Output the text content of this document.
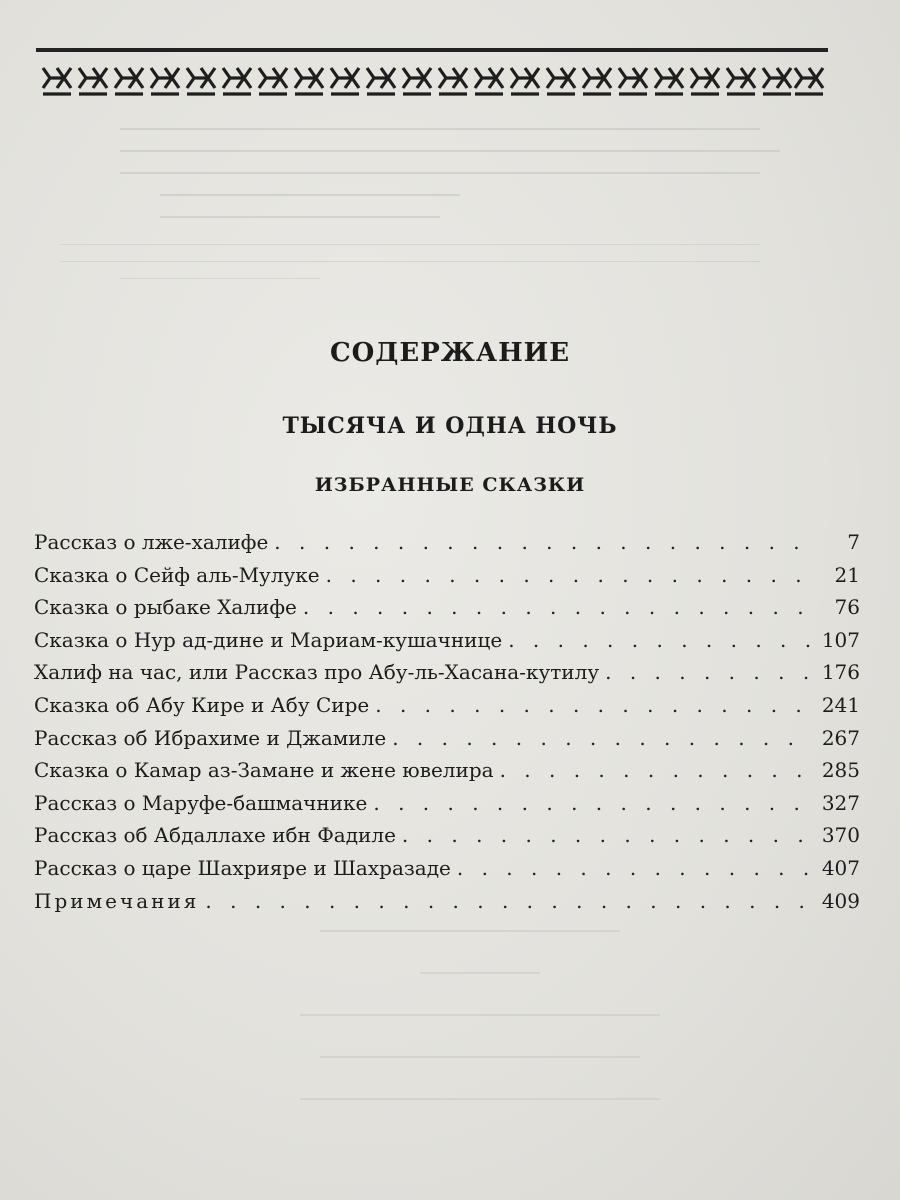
СОДЕРЖАНИЕ
ТЫСЯЧА И ОДНА НОЧЬ
ИЗБРАННЫЕ СКАЗКИ
Рассказ о лже-халифе . . .	7
Сказка о Сейф аль-Мулуке . . .	21
Сказка о рыбаке Халифе . . .	76
Сказка о Нур ад-дине и Мариам-кушачнице . . .	107
Халиф на час, или Рассказ про Абу-ль-Хасана-кутилу . . .	176
Сказка об Абу Кире и Абу Сире . . .	241
Рассказ об Ибрахиме и Джамиле . . .	267
Сказка о Камар аз-Замане и жене ювелира . . .	285
Рассказ о Маруфе-башмачнике . . .	327
Рассказ об Абдаллахе ибн Фадиле . . .	370
Рассказ о царе Шахрияре и Шахразаде . . .	407
Примечания . . .	409
